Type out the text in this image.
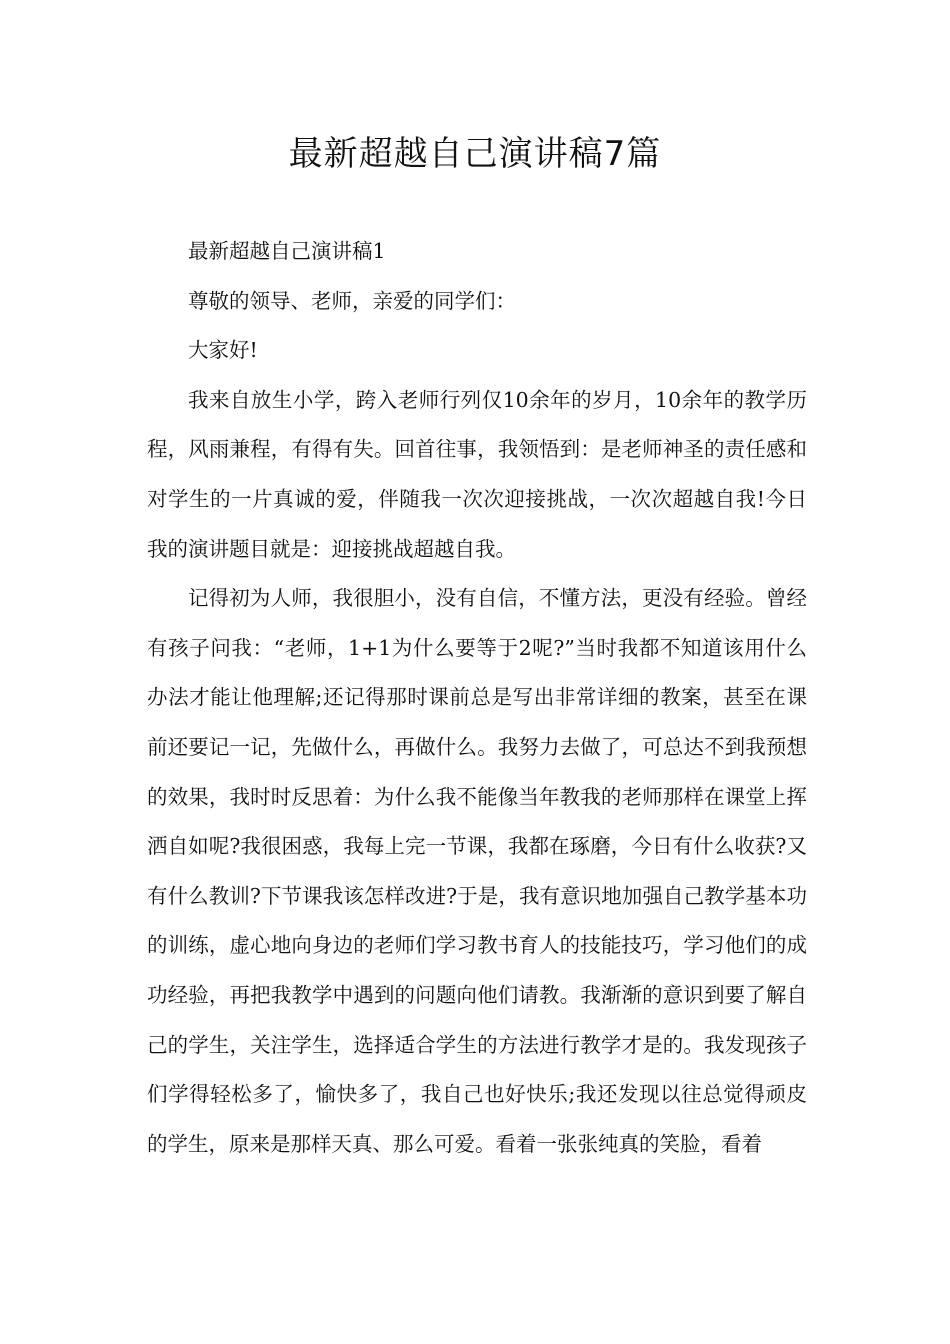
最新超越自己演讲稿7篇

最新超越自己演讲稿1

尊敬的领导、老师，亲爱的同学们：

大家好!

我来自放生小学，跨入老师行列仅10余年的岁月，10余年的教学历程，风雨兼程，有得有失。回首往事，我领悟到：是老师神圣的责任感和对学生的一片真诚的爱，伴随我一次次迎接挑战，一次次超越自我!今日我的演讲题目就是：迎接挑战超越自我。

记得初为人师，我很胆小，没有自信，不懂方法，更没有经验。曾经有孩子问我：“老师，1+1为什么要等于2呢?”当时我都不知道该用什么办法才能让他理解;还记得那时课前总是写出非常详细的教案，甚至在课前还要记一记，先做什么，再做什么。我努力去做了，可总达不到我预想的效果，我时时反思着：为什么我不能像当年教我的老师那样在课堂上挥洒自如呢?我很困惑，我每上完一节课，我都在琢磨，今日有什么收获?又有什么教训?下节课我该怎样改进?于是，我有意识地加强自己教学基本功的训练，虚心地向身边的老师们学习教书育人的技能技巧，学习他们的成功经验，再把我教学中遇到的问题向他们请教。我渐渐的意识到要了解自己的学生，关注学生，选择适合学生的方法进行教学才是的。我发现孩子们学得轻松多了，愉快多了，我自己也好快乐;我还发现以往总觉得顽皮的学生，原来是那样天真、那么可爱。看着一张张纯真的笑脸，看着
